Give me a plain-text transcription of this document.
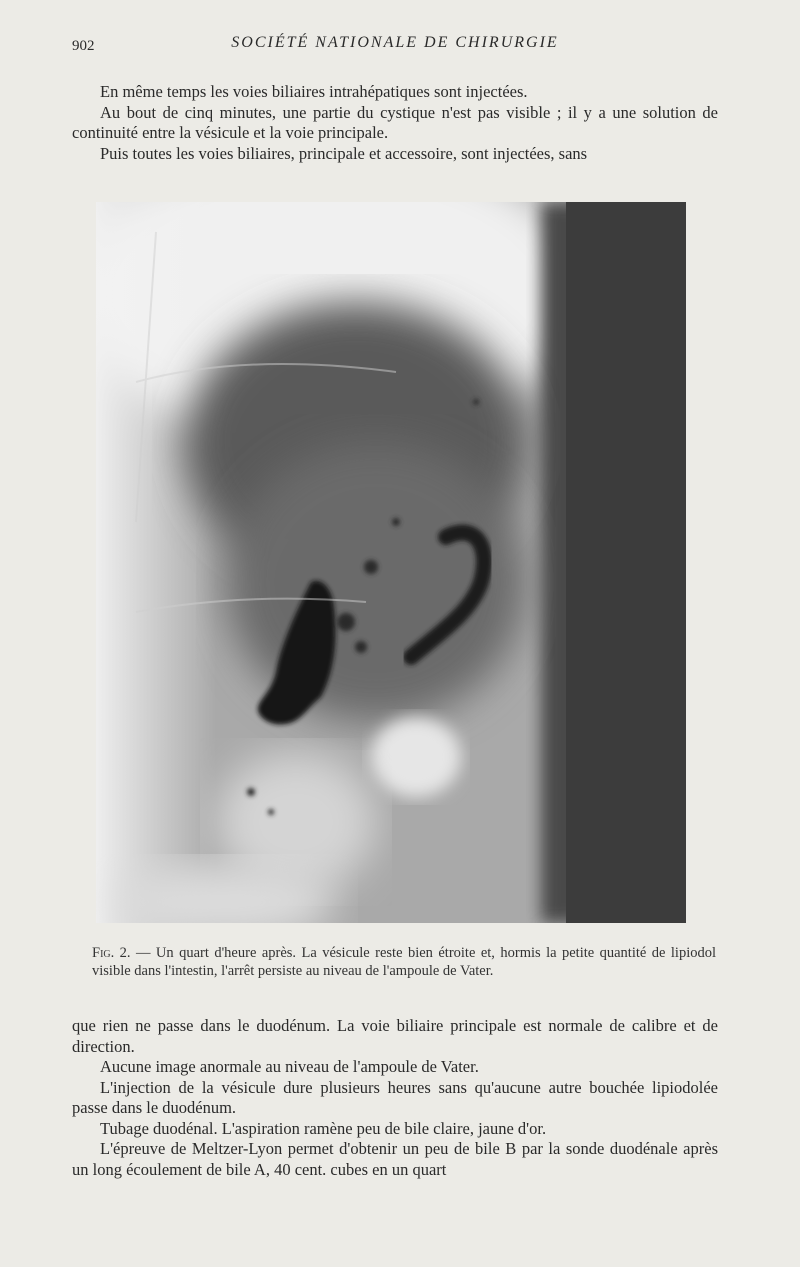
902	SOCIÉTÉ NATIONALE DE CHIRURGIE

En même temps les voies biliaires intrahépatiques sont injectées.

Au bout de cinq minutes, une partie du cystique n'est pas visible ; il y a une solution de continuité entre la vésicule et la voie principale.

Puis toutes les voies biliaires, principale et accessoire, sont injectées, sans

Fig. 2. — Un quart d'heure après. La vésicule reste bien étroite et, hormis la petite quantité de lipiodol visible dans l'intestin, l'arrêt persiste au niveau de l'ampoule de Vater.

que rien ne passe dans le duodénum. La voie biliaire principale est normale de calibre et de direction.

Aucune image anormale au niveau de l'ampoule de Vater.

L'injection de la vésicule dure plusieurs heures sans qu'aucune autre bouchée lipiodolée passe dans le duodénum.

Tubage duodénal. L'aspiration ramène peu de bile claire, jaune d'or.

L'épreuve de Meltzer-Lyon permet d'obtenir un peu de bile B par la sonde duodénale après un long écoulement de bile A, 40 cent. cubes en un quart
